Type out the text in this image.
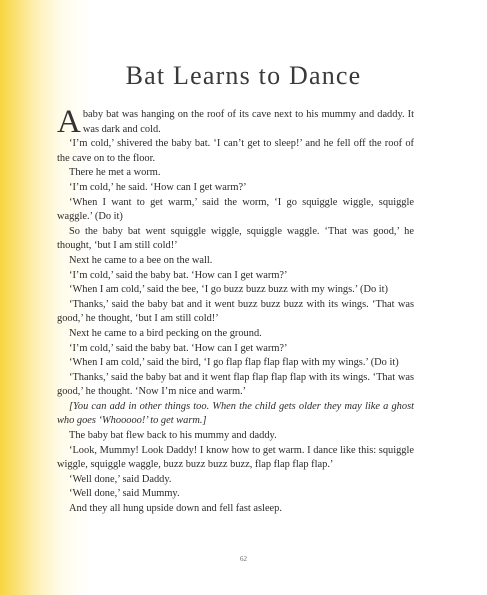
Bat Learns to Dance

Ababy bat was hanging on the roof of its cave next to his mummy and daddy. It was dark and cold.

‘I’m cold,’ shivered the baby bat. ‘I can’t get to sleep!’ and he fell off the roof of the cave on to the floor.

There he met a worm.

‘I’m cold,’ he said. ‘How can I get warm?’

‘When I want to get warm,’ said the worm, ‘I go squiggle wiggle, squiggle waggle.’ (Do it)

So the baby bat went squiggle wiggle, squiggle waggle. ‘That was good,’ he thought, ‘but I am still cold!’

Next he came to a bee on the wall.

‘I’m cold,’ said the baby bat. ‘How can I get warm?’

‘When I am cold,’ said the bee, ‘I go buzz buzz buzz with my wings.’ (Do it)

‘Thanks,’ said the baby bat and it went buzz buzz buzz with its wings. ‘That was good,’ he thought, ‘but I am still cold!’

Next he came to a bird pecking on the ground.

‘I’m cold,’ said the baby bat. ‘How can I get warm?’

‘When I am cold,’ said the bird, ‘I go flap flap flap flap with my wings.’ (Do it)

‘Thanks,’ said the baby bat and it went flap flap flap flap with its wings. ‘That was good,’ he thought. ‘Now I’m nice and warm.’

[You can add in other things too. When the child gets older they may like a ghost who goes ‘Whooooo!’ to get warm.]

The baby bat flew back to his mummy and daddy.

‘Look, Mummy! Look Daddy! I know how to get warm. I dance like this: squiggle wiggle, squiggle waggle, buzz buzz buzz buzz, flap flap flap flap.’

‘Well done,’ said Daddy.

‘Well done,’ said Mummy.

And they all hung upside down and fell fast asleep.

62
